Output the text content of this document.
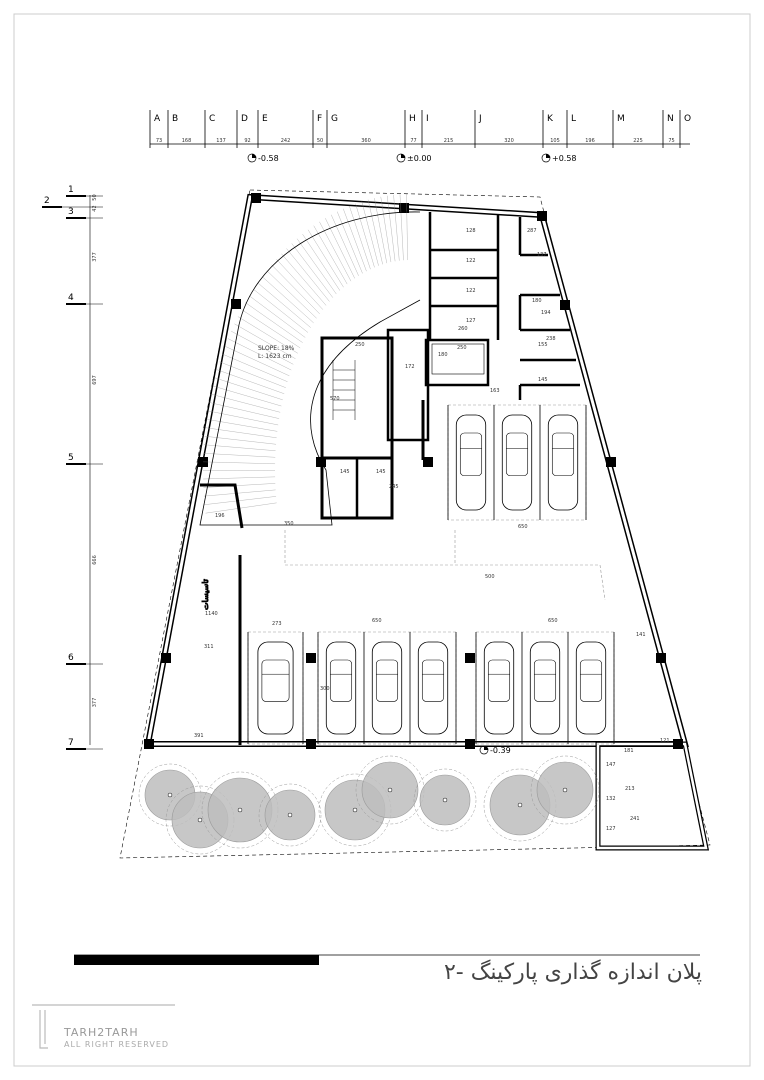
A B	C	D E	F G	H I	J	K L	M	N O
73	168	137	92	242	50	360	77	215	320	105	196	225	75
-0.58	±0.00	+0.58
-0.39
1
2
3
4
5
6
7
50
42
377
697
666
377
SLOPE: 18%
L: 1623 cm
تاسیسات
128
122
122
127
260
287
137
180
194
155
238
145
250	250
172
180
145	145
245
570
163
196
1140
311
391
350	650
500
273	650	650
141
300
121
181
147
213
132
241
127
پلان اندازه گذاری پارکینگ -۲
TARH2TARH
ALL RIGHT RESERVED
